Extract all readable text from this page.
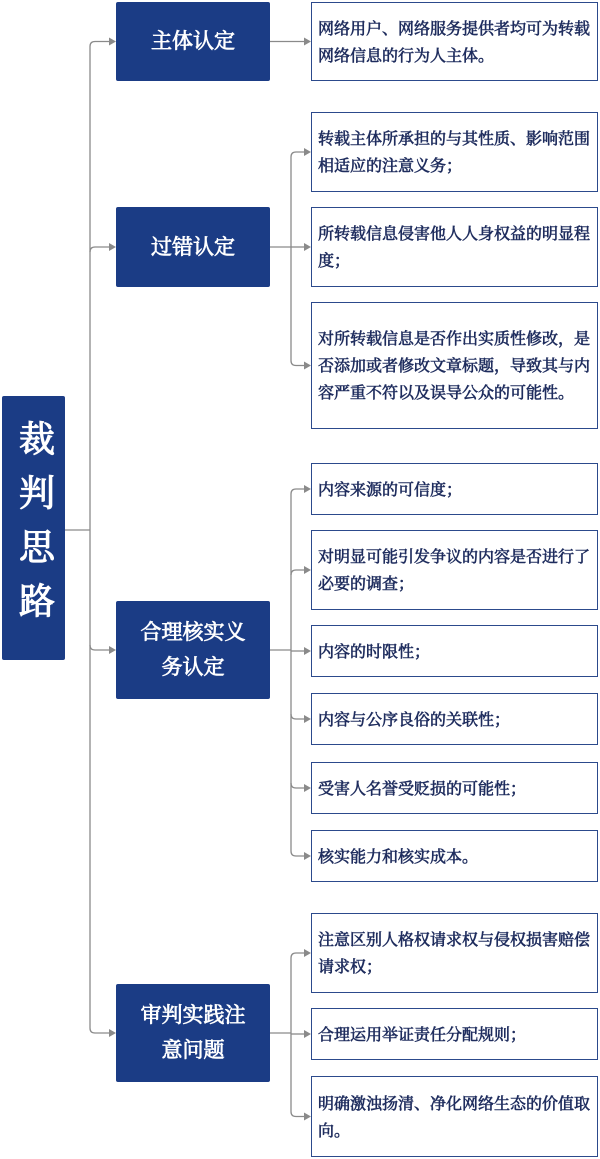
裁判思路
主体认定
网络用户、网络服务提供者均可为转载网络信息的行为人主体。
过错认定
转载主体所承担的与其性质、影响范围相适应的注意义务；
所转载信息侵害他人人身权益的明显程度；
对所转载信息是否作出实质性修改，是否添加或者修改文章标题，导致其与内容严重不符以及误导公众的可能性。
合理核实义务认定
内容来源的可信度；
对明显可能引发争议的内容是否进行了必要的调查；
内容的时限性；
内容与公序良俗的关联性；
受害人名誉受贬损的可能性；
核实能力和核实成本。
审判实践注意问题
注意区别人格权请求权与侵权损害赔偿请求权；
合理运用举证责任分配规则；
明确激浊扬清、净化网络生态的价值取向。
